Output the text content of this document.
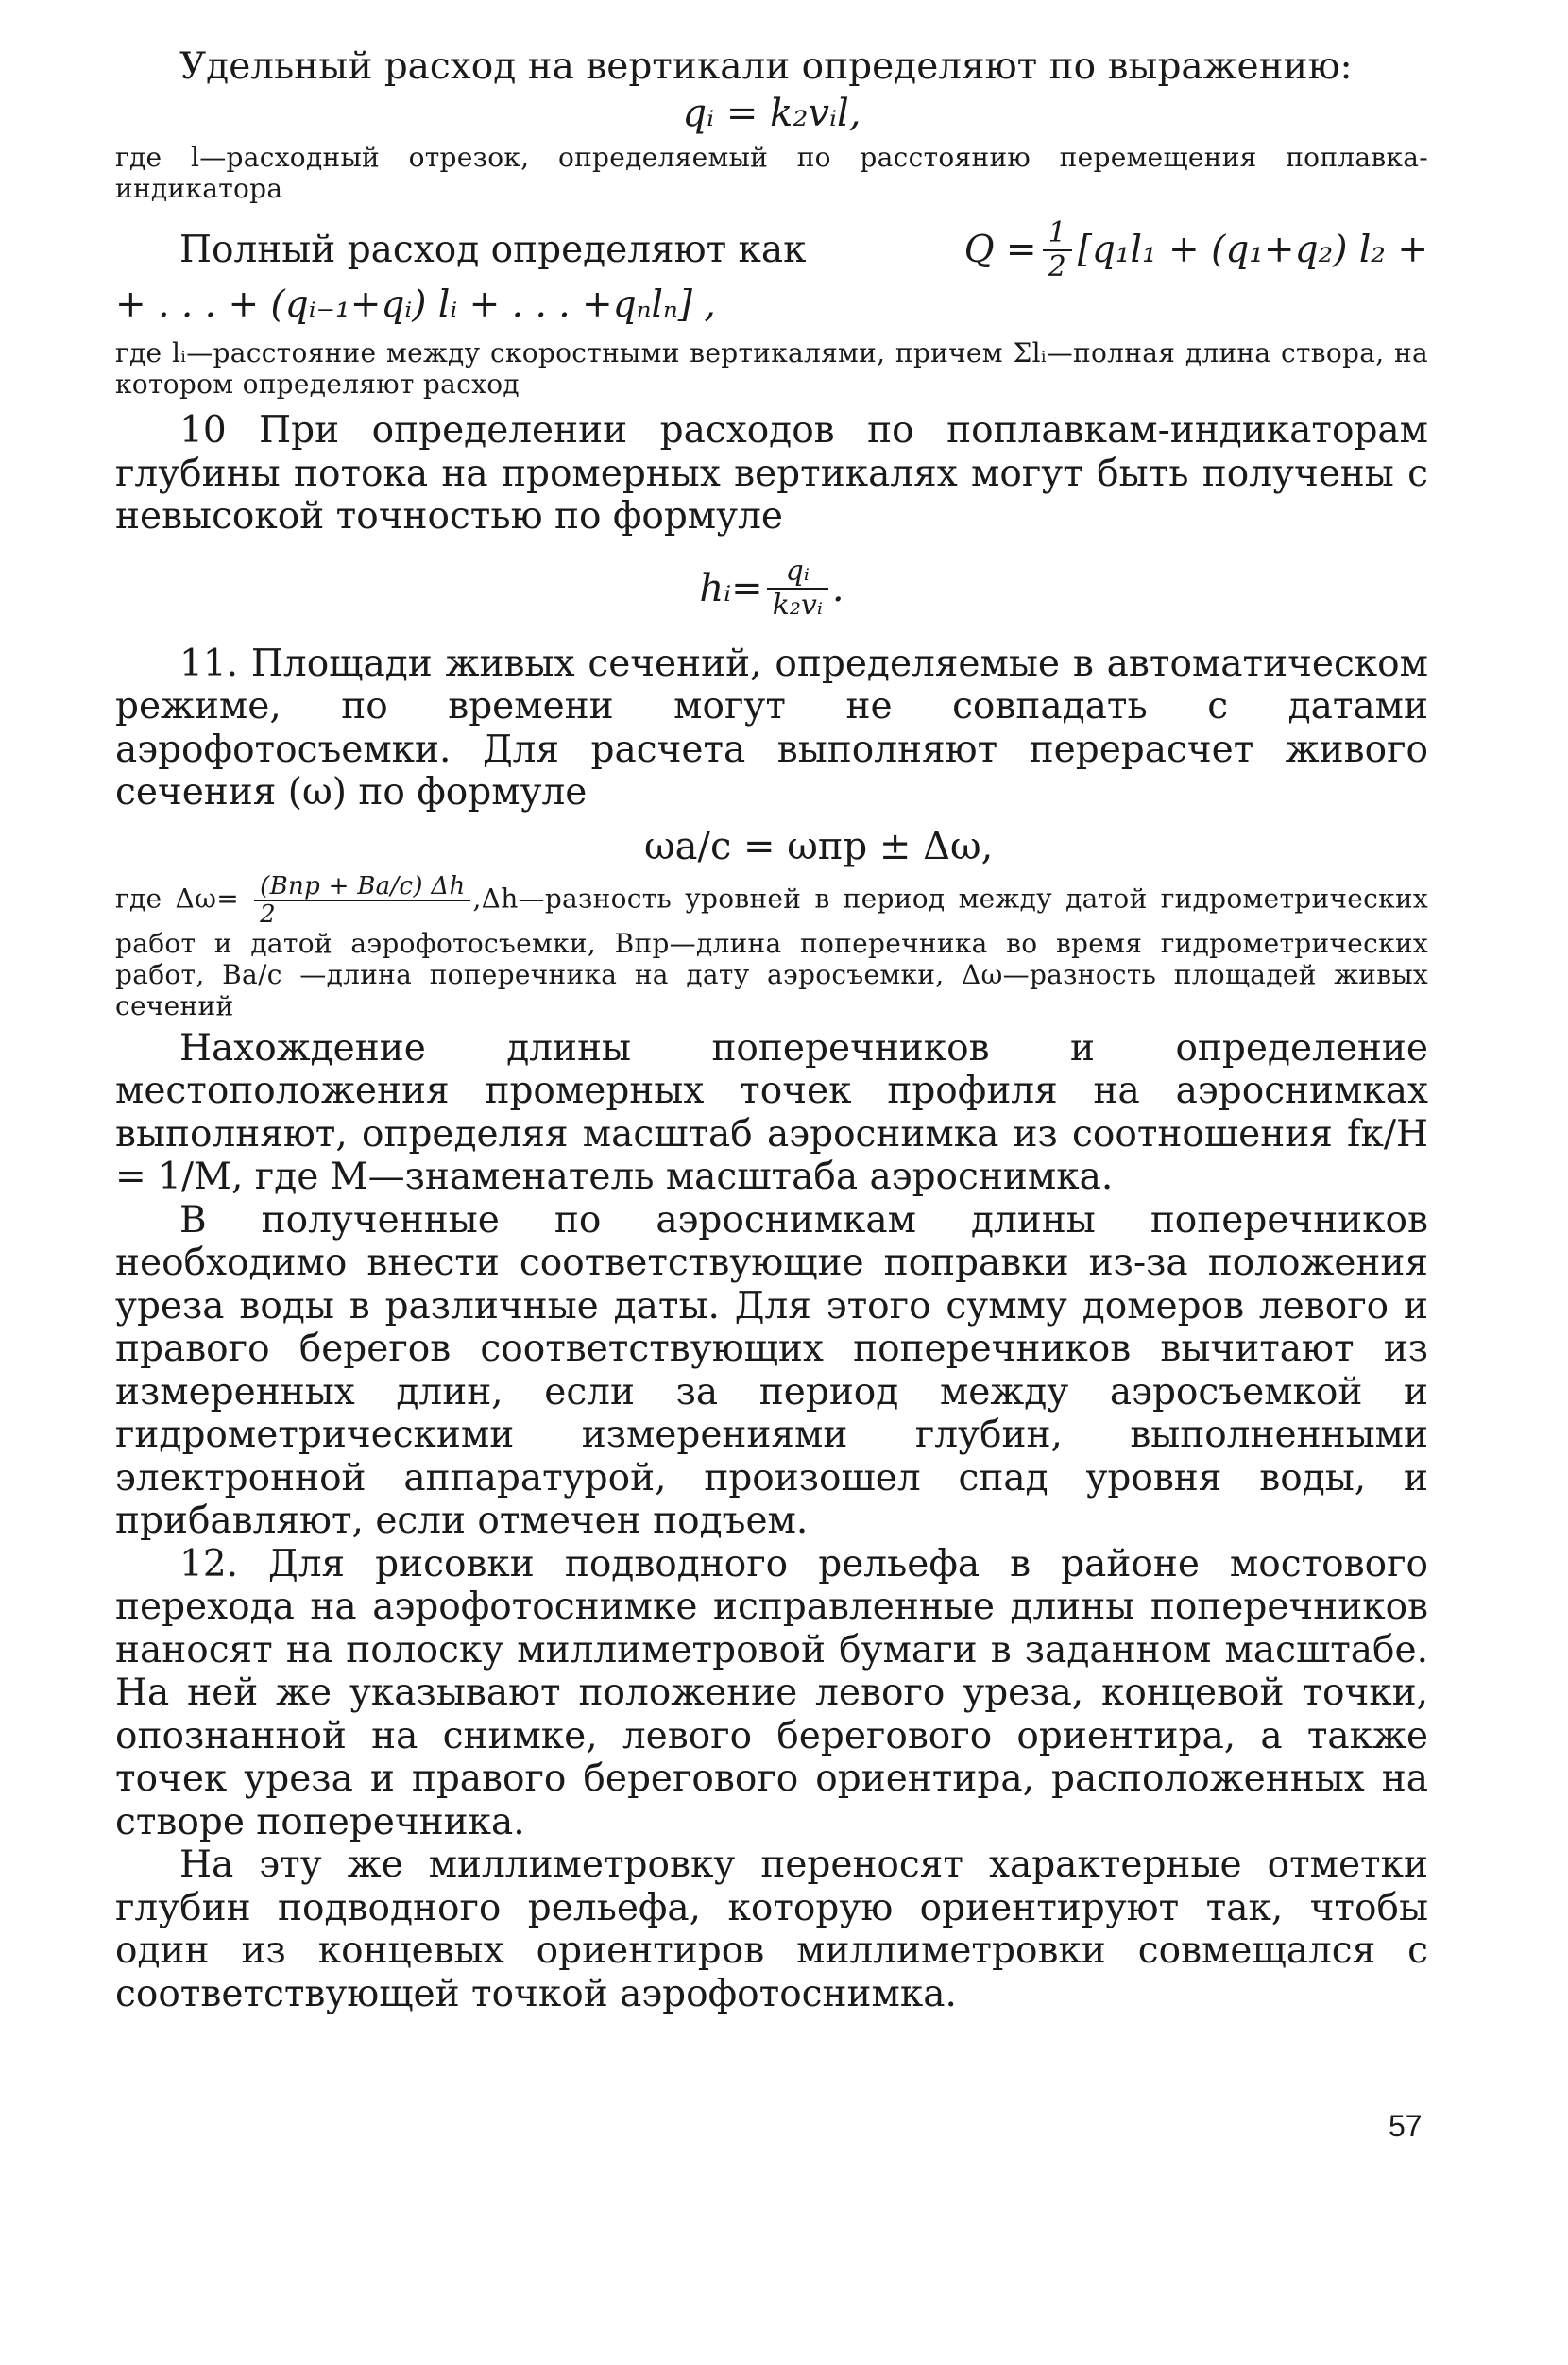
Удельный расход на вертикали определяют по выражению:

qᵢ = k₂vᵢl,

где l—расходный отрезок, определяемый по расстоянию перемещения поплавка-индикатора

Полный расход определяют как	$Q = \frac{1}{2} [q_1l_1 + (q_1+q_2) l_2$ +

+ . . . + (qᵢ₋₁+qᵢ) lᵢ + . . . +qₙlₙ] ,

где lᵢ—расстояние между скоростными вертикалями, причем Σlᵢ—полная длина створа, на котором определяют расход

10 При определении расходов по поплавкам-индикаторам глубины потока на промерных вертикалях могут быть получены с невысокой точностью по формуле

hᵢ= $\frac{\text{qᵢ}}{\text{k₂vᵢ}}$ .

11. Площади живых сечений, определяемые в автоматическом режиме, по времени могут не совпадать с датами аэрофотосъемки. Для расчета выполняют перерасчет живого сечения (ω) по формуле

ωа/с = ωпр ± Δω,

где $\Delta\omega= \frac{\text{(Bпр + Bа/с) Δh}}{2}$ ,Δh—разность уровней в период между датой гидрометрических работ и датой аэрофотосъемки, Bпр—длина поперечника во время гидрометрических работ, Bа/с —длина поперечника на дату аэросъемки, Δω—разность площадей живых сечений

Нахождение длины поперечников и определение местоположения промерных точек профиля на аэроснимках выполняют, определяя масштаб аэроснимка из соотношения fк/H = 1/M, где M—знаменатель масштаба аэроснимка.

В полученные по аэроснимкам длины поперечников необходимо внести соответствующие поправки из-за положения уреза воды в различные даты. Для этого сумму домеров левого и правого берегов соответствующих поперечников вычитают из измеренных длин, если за период между аэросъемкой и гидрометрическими измерениями глубин, выполненными электронной аппаратурой, произошел спад уровня воды, и прибавляют, если отмечен подъем.

12. Для рисовки подводного рельефа в районе мостового перехода на аэрофотоснимке исправленные длины поперечников наносят на полоску миллиметровой бумаги в заданном масштабе. На ней же указывают положение левого уреза, концевой точки, опознанной на снимке, левого берегового ориентира, а также точек уреза и правого берегового ориентира, расположенных на створе поперечника.

На эту же миллиметровку переносят характерные отметки глубин подводного рельефа, которую ориентируют так, чтобы один из концевых ориентиров миллиметровки совмещался с соответствующей точкой аэрофотоснимка.

57
